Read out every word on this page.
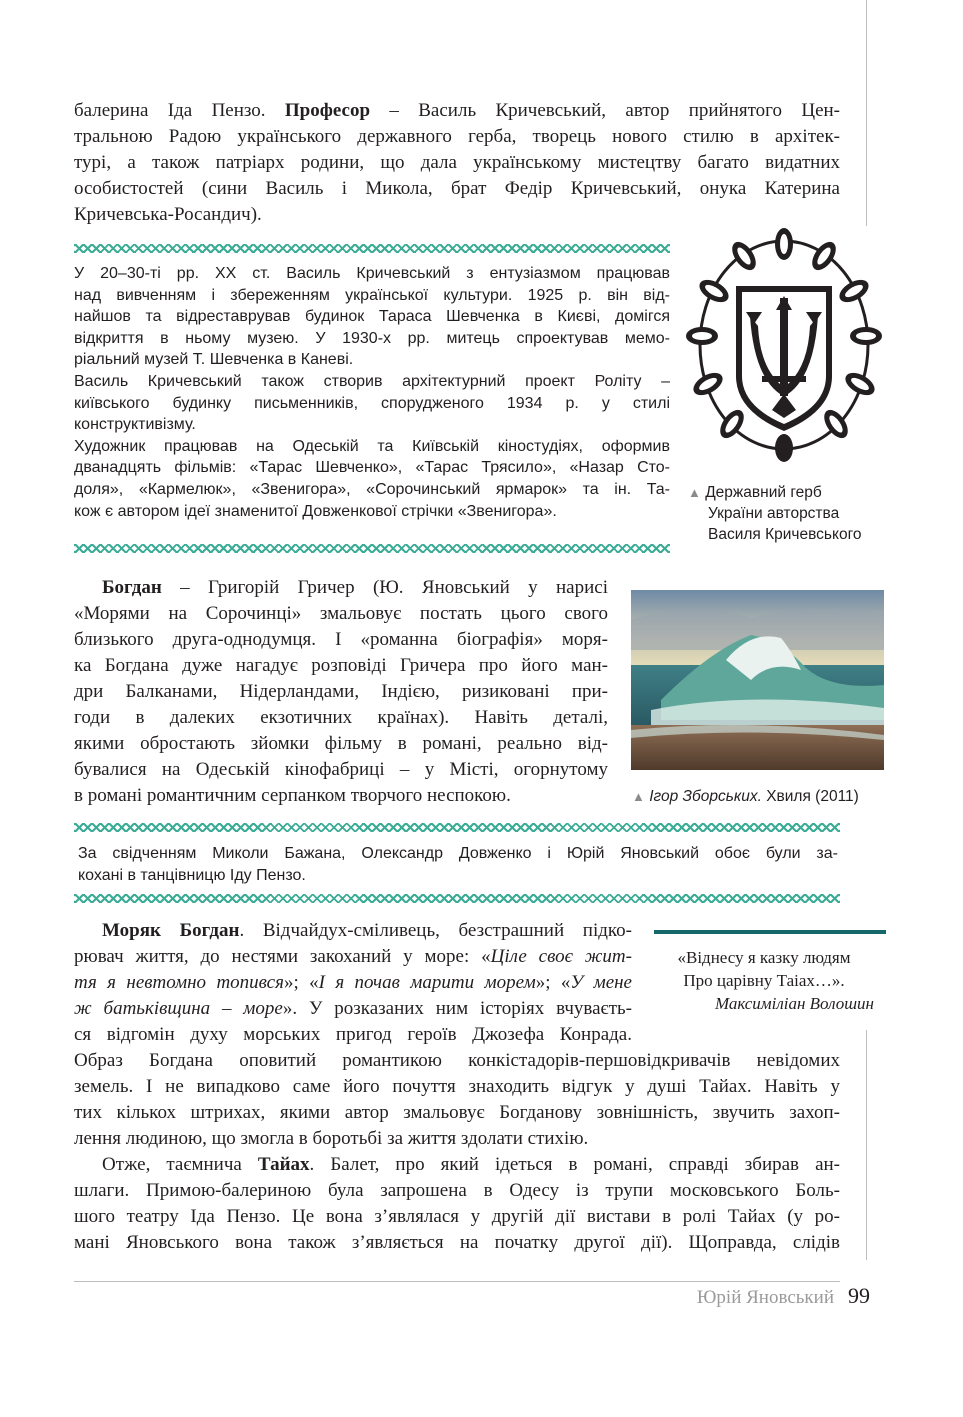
балерина Іда Пензо. Професор – Василь Кричевський, автор прийнятого Цен-
тральною Радою українського державного герба, творець нового стилю в архітек-
турі, а також патріарх родини, що дала українському мистецтву багато видатних
особистостей (сини Василь і Микола, брат Федір Кричевський, онука Катерина
Кричевська-Росандич).
У 20–30-ті рр. ХХ ст. Василь Кричевський з ентузіазмом працював
над вивченням і збереженням української культури. 1925 р. він від-
найшов та відреставрував будинок Тараса Шевченка в Києві, домігся
відкриття в ньому музею. У 1930-х рр. митець спроектував мемо-
ріальний музей Т. Шевченка в Каневі.
Василь Кричевський також створив архітектурний проект Роліту –
київського будинку письменників, спорудженого 1934 р. у стилі
конструктивізму.
Художник працював на Одеській та Київській кіностудіях, оформив
дванадцять фільмів: «Тарас Шевченко», «Тарас Трясило», «Назар Сто-
доля», «Кармелюк», «Звенигора», «Сорочинський ярмарок» та ін. Та-
кож є автором ідеї знаменитої Довженкової стрічки «Звенигора».
▲ Державний герб
України авторства
Василя Кричевського
Богдан – Григорій Гричер (Ю. Яновський у нарисі
«Морями на Сорочинці» змальовує постать цього свого
близького друга-однодумця. І «романна біографія» моря-
ка Богдана дуже нагадує розповіді Гричера про його ман-
дри Балканами, Нідерландами, Індією, ризиковані при-
годи в далеких екзотичних країнах). Навіть деталі,
якими обростають зйомки фільму в романі, реально від-
бувалися на Одеській кінофабриці – у Місті, огорнутому
в романі романтичним серпанком творчого неспокою.	▲ Ігор Зборських. Хвиля (2011)
За свідченням Миколи Бажана, Олександр Довженко і Юрій Яновський обоє були за-
кохані в танцівницю Іду Пензо.
«Віднесу я казку людям
Про царівну Таіах…».
Максиміліан Волошин
Моряк Богдан. Відчайдух-сміливець, безстрашний підко-
рювач життя, до нестями закоханий у море: «Ціле своє жит-
тя я невтомно топився»; «І я почав марити морем»; «У мене
ж батьківщина – море». У розказаних ним історіях вчуваєть-
ся відгомін духу морських пригод героїв Джозефа Конрада.
Образ Богдана оповитий романтикою конкістадорів-першовідкривачів невідомих
земель. І не випадково саме його почуття знаходить відгук у душі Тайах. Навіть у
тих кількох штрихах, якими автор змальовує Богданову зовнішність, звучить захоп-
лення людиною, що змогла в боротьбі за життя здолати стихію.
Отже, таємнича Тайах. Балет, про який ідеться в романі, справді збирав ан-
шлаги. Примою-балериною була запрошена в Одесу із трупи московського Боль-
шого театру Іда Пензо. Це вона з’являлася у другій дії вистави в ролі Тайах (у ро-
мані Яновського вона також з’являється на початку другої дії). Щоправда, слідів
Юрій Яновський 99
